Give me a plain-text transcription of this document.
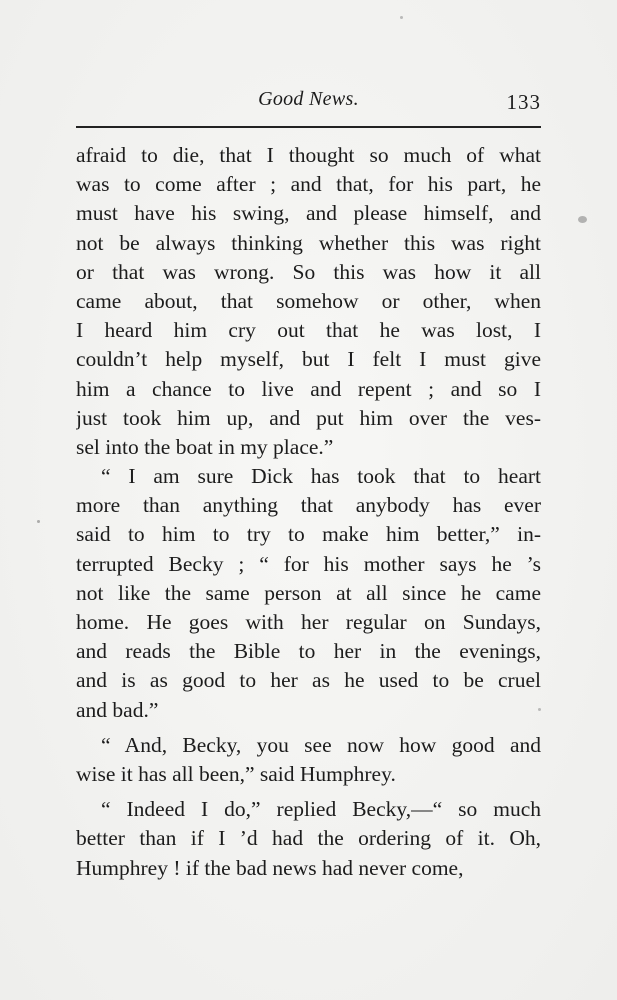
Good News.	133
afraid to die, that I thought so much of what
was to come after ; and that, for his part, he
must have his swing, and please himself, and
not be always thinking whether this was right
or that was wrong. So this was how it all
came about, that somehow or other, when
I heard him cry out that he was lost, I
couldn’t help myself, but I felt I must give
him a chance to live and repent ; and so I
just took him up, and put him over the ves-
sel into the boat in my place.”
“ I am sure Dick has took that to heart
more than anything that anybody has ever
said to him to try to make him better,” in-
terrupted Becky ; “ for his mother says he ’s
not like the same person at all since he came
home. He goes with her regular on Sundays,
and reads the Bible to her in the evenings,
and is as good to her as he used to be cruel
and bad.”
“ And, Becky, you see now how good and
wise it has all been,” said Humphrey.
“ Indeed I do,” replied Becky,—“ so much
better than if I ’d had the ordering of it. Oh,
Humphrey ! if the bad news had never come,
